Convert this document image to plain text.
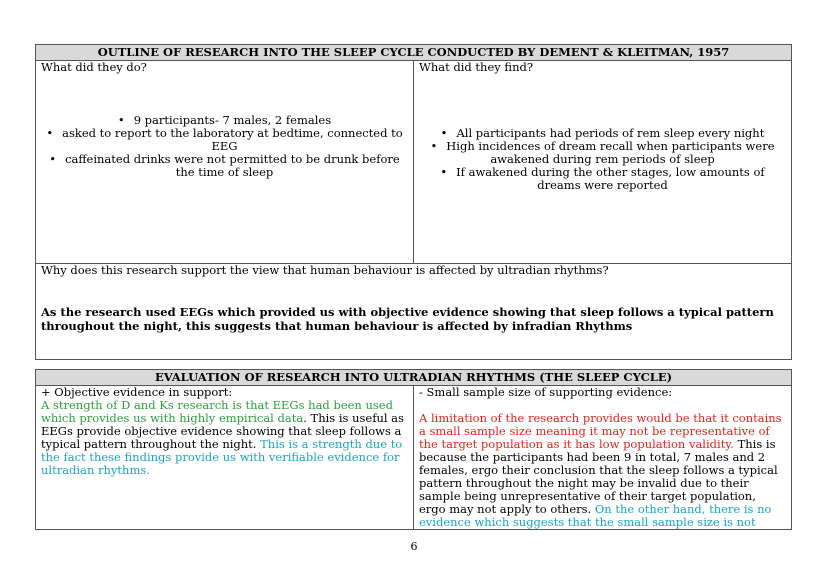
OUTLINE OF RESEARCH INTO THE SLEEP CYCLE CONDUCTED BY DEMENT & KLEITMAN, 1957

What did they do?
• 9 participants- 7 males, 2 females
• asked to report to the laboratory at bedtime, connected to EEG
• caffeinated drinks were not permitted to be drunk before the time of sleep

What did they find?
• All participants had periods of rem sleep every night
• High incidences of dream recall when participants were awakened during rem periods of sleep
• If awakened during the other stages, low amounts of dreams were reported

Why does this research support the view that human behaviour is affected by ultradian rhythms?
As the research used EEGs which provided us with objective evidence showing that sleep follows a typical pattern throughout the night, this suggests that human behaviour is affected by infradian Rhythms
EVALUATION OF RESEARCH INTO ULTRADIAN RHYTHMS (THE SLEEP CYCLE)

+ Objective evidence in support:
A strength of D and Ks research is that EEGs had been used which provides us with highly empirical data. This is useful as EEGs provide objective evidence showing that sleep follows a typical pattern throughout the night. This is a strength due to the fact these findings provide us with verifiable evidence for ultradian rhythms.

- Small sample size of supporting evidence:
A limitation of the research provides would be that it contains a small sample size meaning it may not be representative of the target population as it has low population validity. This is because the participants had been 9 in total, 7 males and 2 females, ergo their conclusion that the sleep follows a typical pattern throughout the night may be invalid due to their sample being unrepresentative of their target population, ergo may not apply to others. On the other hand, there is no evidence which suggests that the small sample size is not
6
